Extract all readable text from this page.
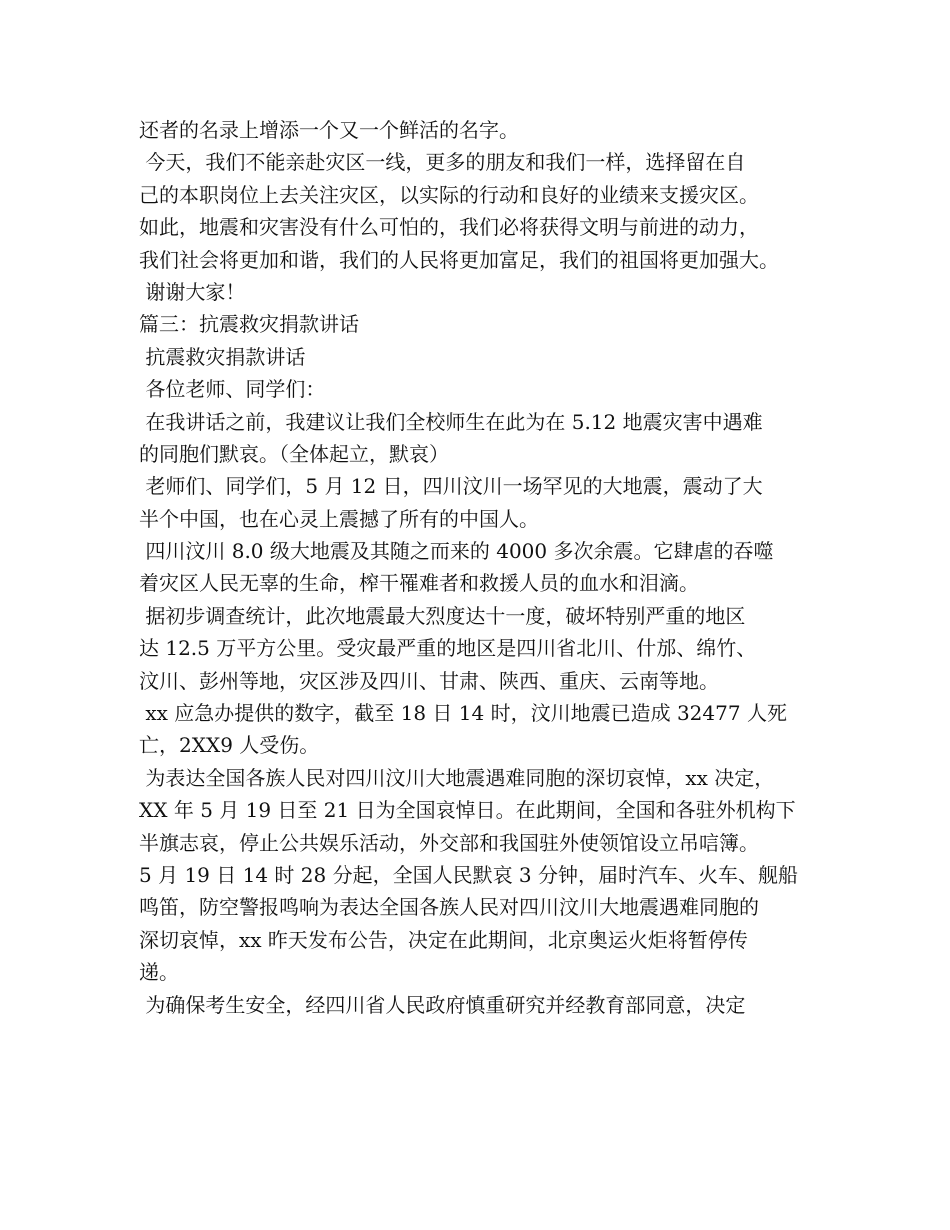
还者的名录上增添一个又一个鲜活的名字。
今天，我们不能亲赴灾区一线，更多的朋友和我们一样，选择留在自
己的本职岗位上去关注灾区，以实际的行动和良好的业绩来支援灾区。
如此，地震和灾害没有什么可怕的，我们必将获得文明与前进的动力，
我们社会将更加和谐，我们的人民将更加富足，我们的祖国将更加强大。
谢谢大家！
篇三：抗震救灾捐款讲话
抗震救灾捐款讲话
各位老师、同学们：
在我讲话之前，我建议让我们全校师生在此为在 5.12 地震灾害中遇难
的同胞们默哀。（全体起立，默哀）
老师们、同学们，5 月 12 日，四川汶川一场罕见的大地震，震动了大
半个中国，也在心灵上震撼了所有的中国人。
四川汶川 8.0 级大地震及其随之而来的 4000 多次余震。它肆虐的吞噬
着灾区人民无辜的生命，榨干罹难者和救援人员的血水和泪滴。
据初步调查统计，此次地震最大烈度达十一度，破坏特别严重的地区
达 12.5 万平方公里。受灾最严重的地区是四川省北川、什邡、绵竹、
汶川、彭州等地，灾区涉及四川、甘肃、陕西、重庆、云南等地。
xx 应急办提供的数字，截至 18 日 14 时，汶川地震已造成 32477 人死
亡，2XX9 人受伤。
为表达全国各族人民对四川汶川大地震遇难同胞的深切哀悼，xx 决定，
XX 年 5 月 19 日至 21 日为全国哀悼日。在此期间，全国和各驻外机构下
半旗志哀，停止公共娱乐活动，外交部和我国驻外使领馆设立吊唁簿。
5 月 19 日 14 时 28 分起，全国人民默哀 3 分钟，届时汽车、火车、舰船
鸣笛，防空警报鸣响为表达全国各族人民对四川汶川大地震遇难同胞的
深切哀悼，xx 昨天发布公告，决定在此期间，北京奥运火炬将暂停传
递。
为确保考生安全，经四川省人民政府慎重研究并经教育部同意，决定
